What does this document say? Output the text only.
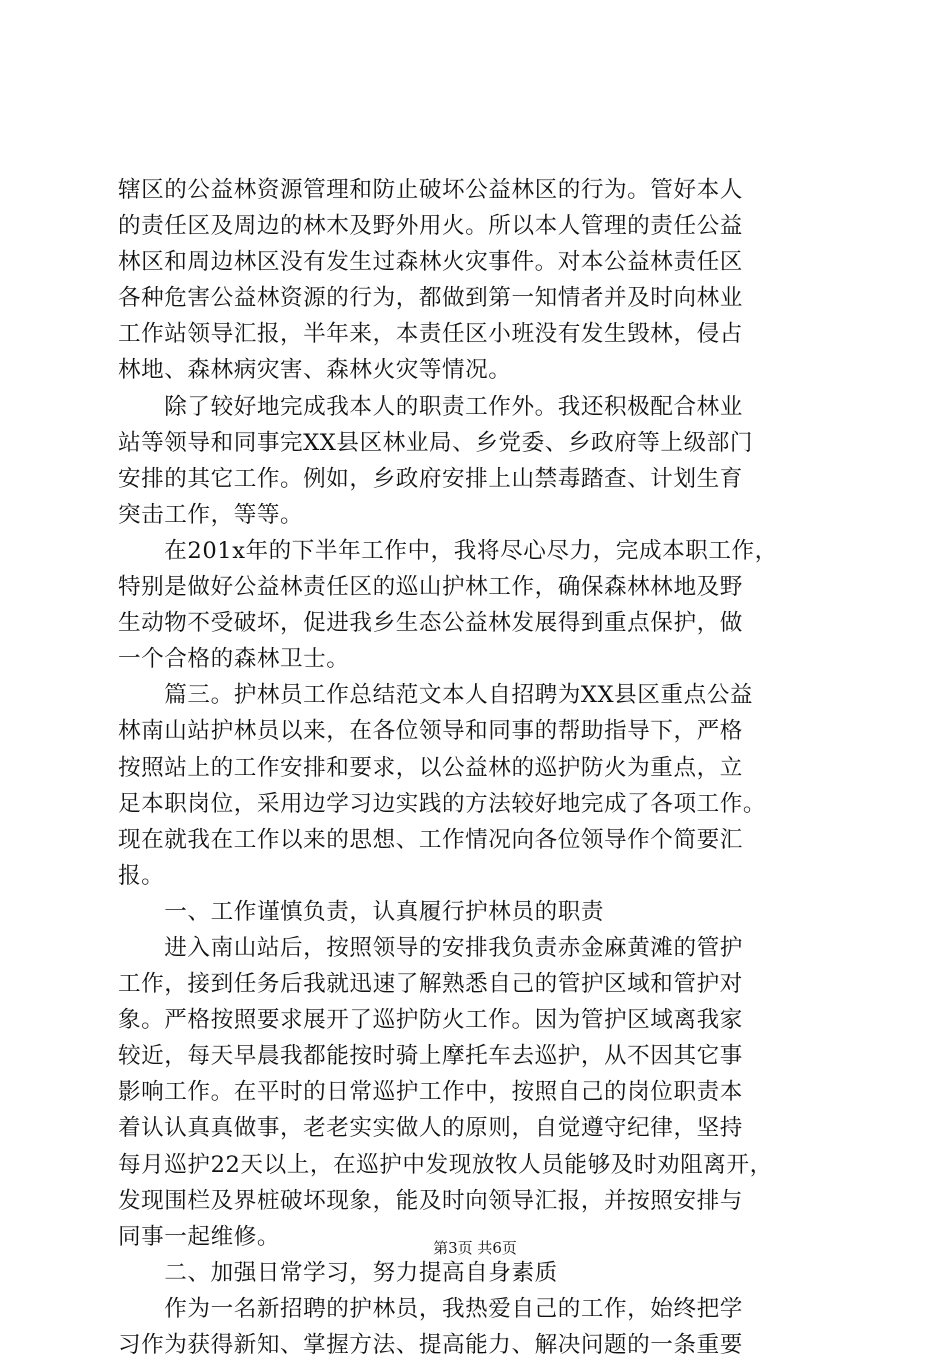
辖区的公益林资源管理和防止破坏公益林区的行为。管好本人
的责任区及周边的林木及野外用火。所以本人管理的责任公益
林区和周边林区没有发生过森林火灾事件。对本公益林责任区
各种危害公益林资源的行为，都做到第一知情者并及时向林业
工作站领导汇报，半年来，本责任区小班没有发生毁林，侵占
林地、森林病灾害、森林火灾等情况。
　　除了较好地完成我本人的职责工作外。我还积极配合林业
站等领导和同事完XX县区林业局、乡党委、乡政府等上级部门
安排的其它工作。例如，乡政府安排上山禁毒踏查、计划生育
突击工作，等等。
　　在201x年的下半年工作中，我将尽心尽力，完成本职工作，
特别是做好公益林责任区的巡山护林工作，确保森林林地及野
生动物不受破坏，促进我乡生态公益林发展得到重点保护，做
一个合格的森林卫士。
　　篇三。护林员工作总结范文本人自招聘为XX县区重点公益
林南山站护林员以来，在各位领导和同事的帮助指导下，严格
按照站上的工作安排和要求，以公益林的巡护防火为重点，立
足本职岗位，采用边学习边实践的方法较好地完成了各项工作。
现在就我在工作以来的思想、工作情况向各位领导作个简要汇
报。
　　一、工作谨慎负责，认真履行护林员的职责
　　进入南山站后，按照领导的安排我负责赤金麻黄滩的管护
工作，接到任务后我就迅速了解熟悉自己的管护区域和管护对
象。严格按照要求展开了巡护防火工作。因为管护区域离我家
较近，每天早晨我都能按时骑上摩托车去巡护，从不因其它事
影响工作。在平时的日常巡护工作中，按照自己的岗位职责本
着认认真真做事，老老实实做人的原则，自觉遵守纪律，坚持
每月巡护22天以上，在巡护中发现放牧人员能够及时劝阻离开，
发现围栏及界桩破坏现象，能及时向领导汇报，并按照安排与
同事一起维修。
　　二、加强日常学习，努力提高自身素质
　　作为一名新招聘的护林员，我热爱自己的工作，始终把学
习作为获得新知、掌握方法、提高能力、解决问题的一条重要
第3页 共6页
